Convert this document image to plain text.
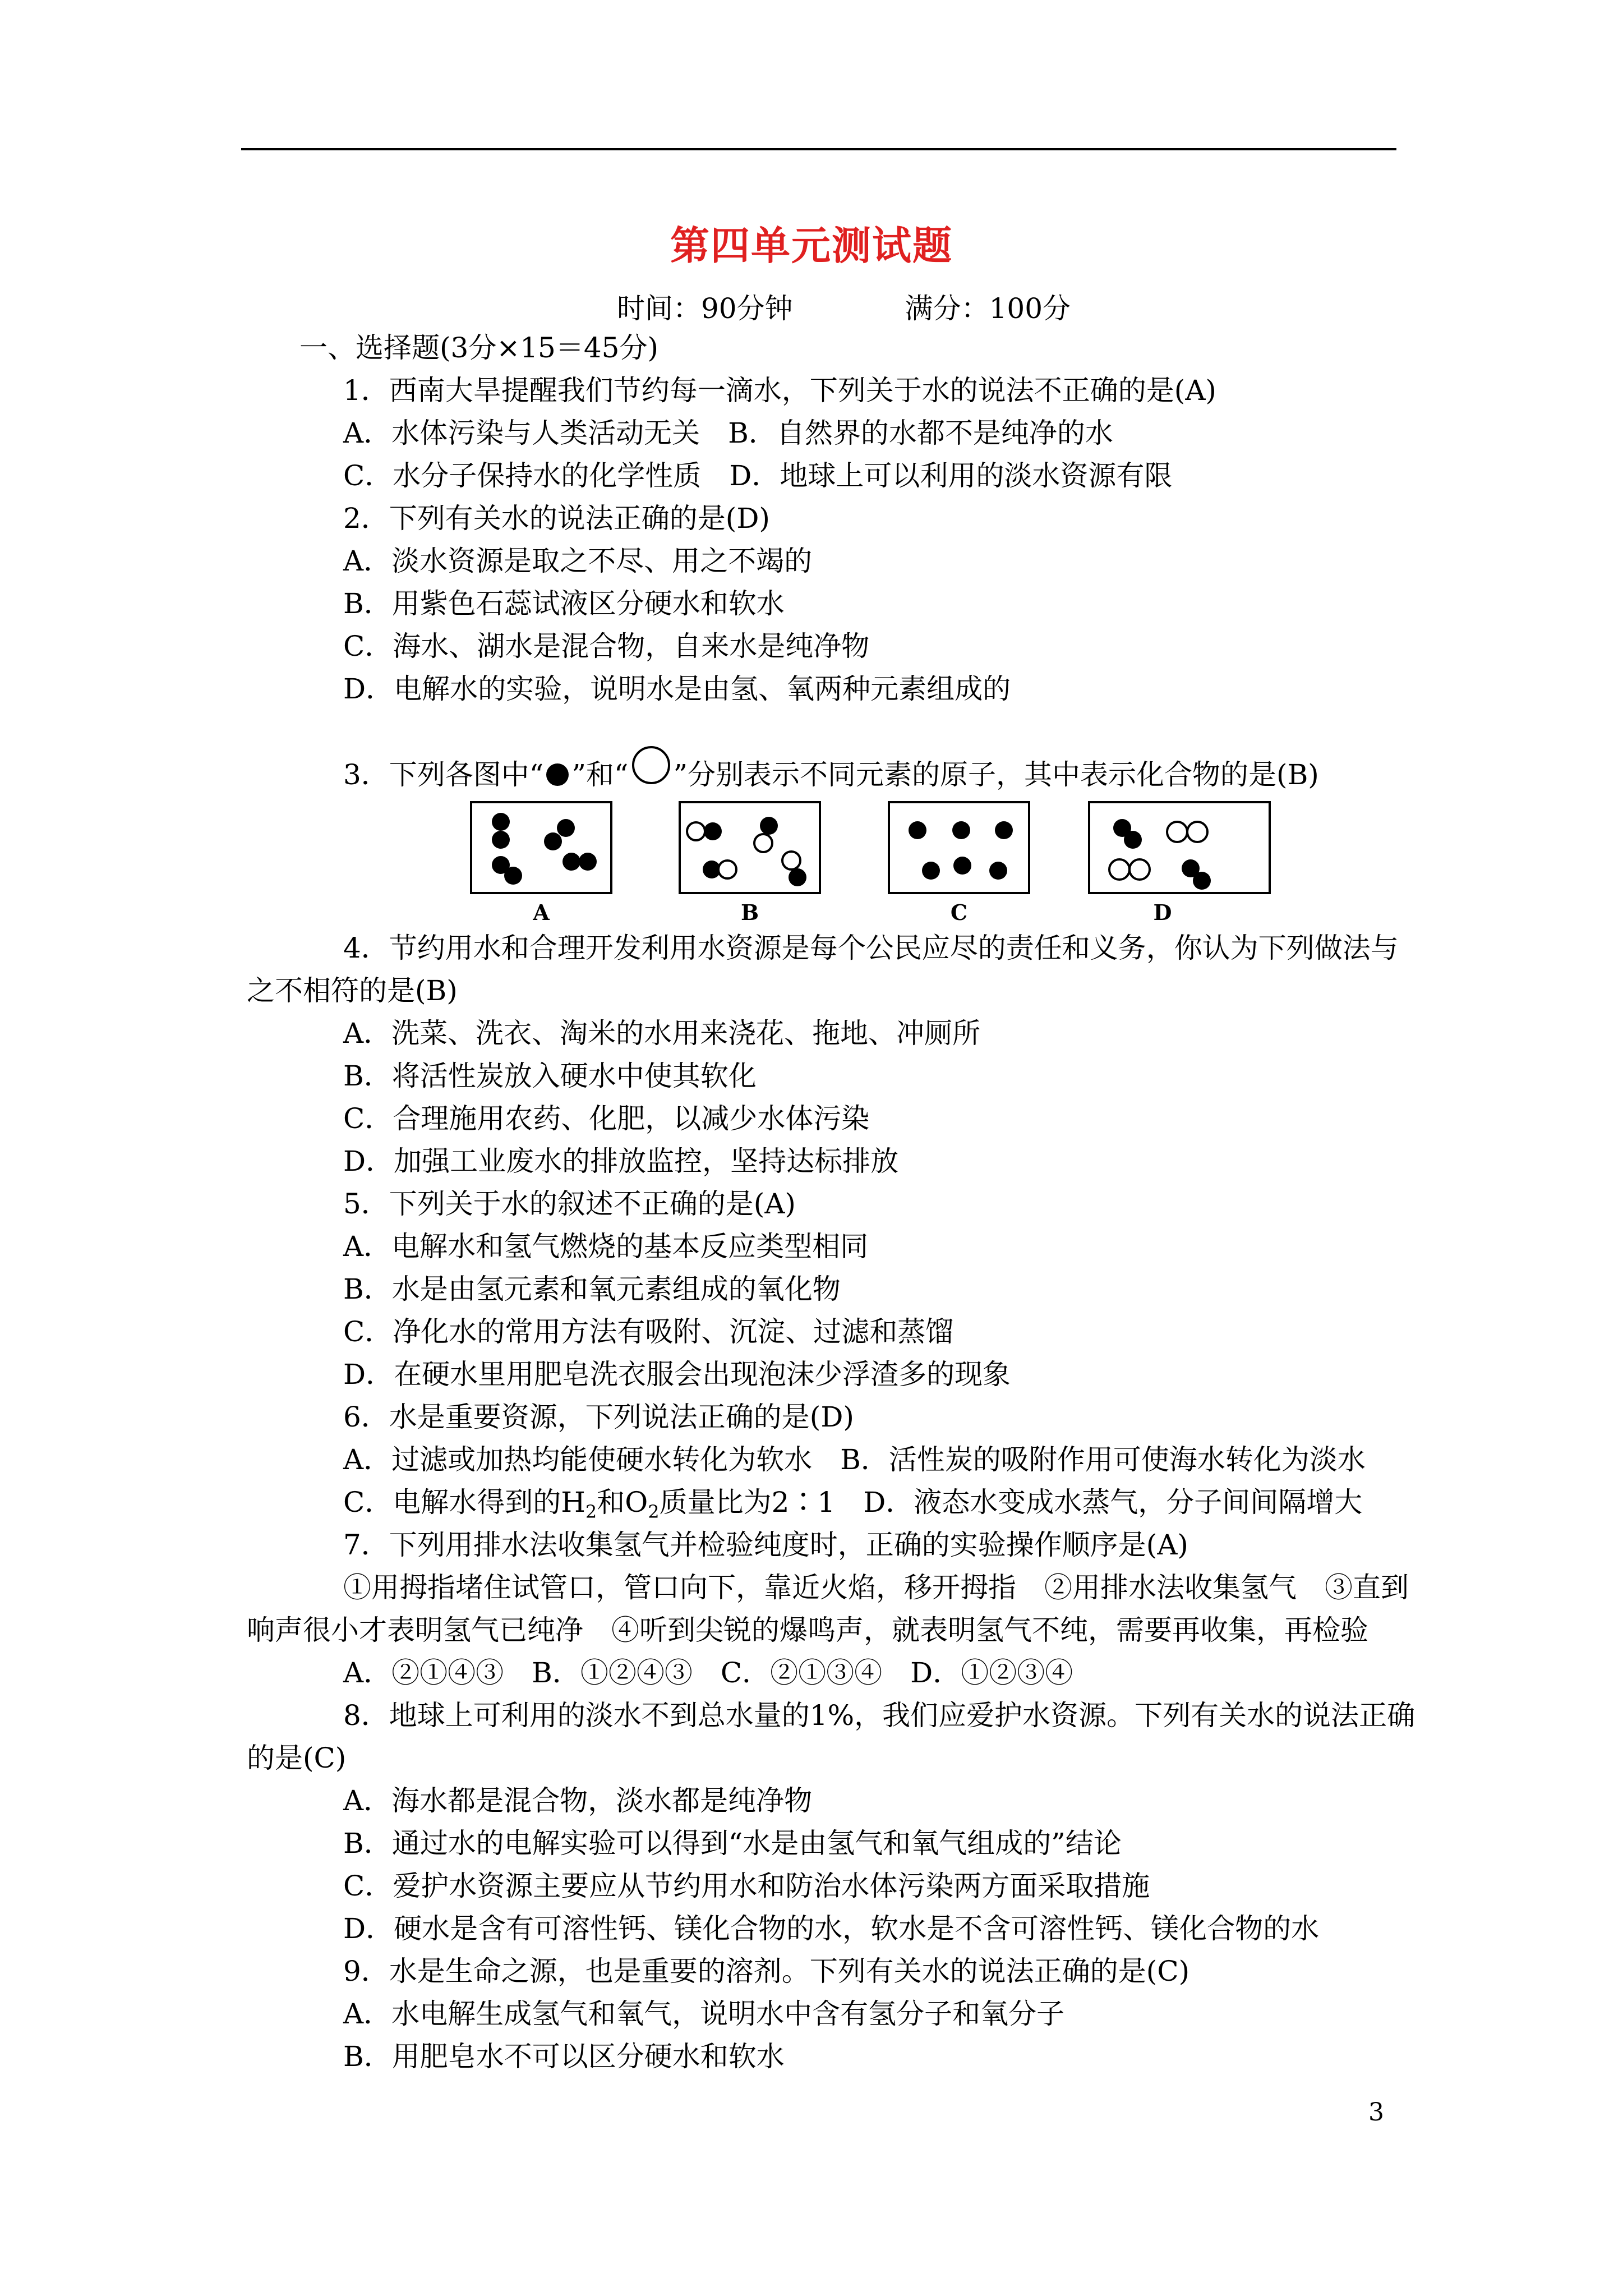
第四单元测试题
时间：90分钟	满分：100分
一、选择题(3分×15＝45分)
1．西南大旱提醒我们节约每一滴水，下列关于水的说法不正确的是(A)
A．水体污染与人类活动无关　B．自然界的水都不是纯净的水
C．水分子保持水的化学性质　D．地球上可以利用的淡水资源有限
2．下列有关水的说法正确的是(D)
A．淡水资源是取之不尽、用之不竭的
B．用紫色石蕊试液区分硬水和软水
C．海水、湖水是混合物，自来水是纯净物
D．电解水的实验，说明水是由氢、氧两种元素组成的
3．下列各图中“ ”和“ ”分别表示不同元素的原子，其中表示化合物的是(B)
A	B	C	D
4．节约用水和合理开发利用水资源是每个公民应尽的责任和义务，你认为下列做法与
之不相符的是(B)
A．洗菜、洗衣、淘米的水用来浇花、拖地、冲厕所
B．将活性炭放入硬水中使其软化
C．合理施用农药、化肥，以减少水体污染
D．加强工业废水的排放监控，坚持达标排放
5．下列关于水的叙述不正确的是(A)
A．电解水和氢气燃烧的基本反应类型相同
B．水是由氢元素和氧元素组成的氧化物
C．净化水的常用方法有吸附、沉淀、过滤和蒸馏
D．在硬水里用肥皂洗衣服会出现泡沫少浮渣多的现象
6．水是重要资源，下列说法正确的是(D)
A．过滤或加热均能使硬水转化为软水　B．活性炭的吸附作用可使海水转化为淡水
C．电解水得到的$H_2$和$O_2$质量比为2∶1　D．液态水变成水蒸气，分子间间隔增大
7．下列用排水法收集氢气并检验纯度时，正确的实验操作顺序是(A)
①用拇指堵住试管口，管口向下，靠近火焰，移开拇指　②用排水法收集氢气　③直到
响声很小才表明氢气已纯净　④听到尖锐的爆鸣声，就表明氢气不纯，需要再收集，再检验
A．②①④③　B．①②④③　C．②①③④　D．①②③④
8．地球上可利用的淡水不到总水量的1%，我们应爱护水资源。下列有关水的说法正确
的是(C)
A．海水都是混合物，淡水都是纯净物
B．通过水的电解实验可以得到“水是由氢气和氧气组成的”结论
C．爱护水资源主要应从节约用水和防治水体污染两方面采取措施
D．硬水是含有可溶性钙、镁化合物的水，软水是不含可溶性钙、镁化合物的水
9．水是生命之源，也是重要的溶剂。下列有关水的说法正确的是(C)
A．水电解生成氢气和氧气，说明水中含有氢分子和氧分子
B．用肥皂水不可以区分硬水和软水
3
